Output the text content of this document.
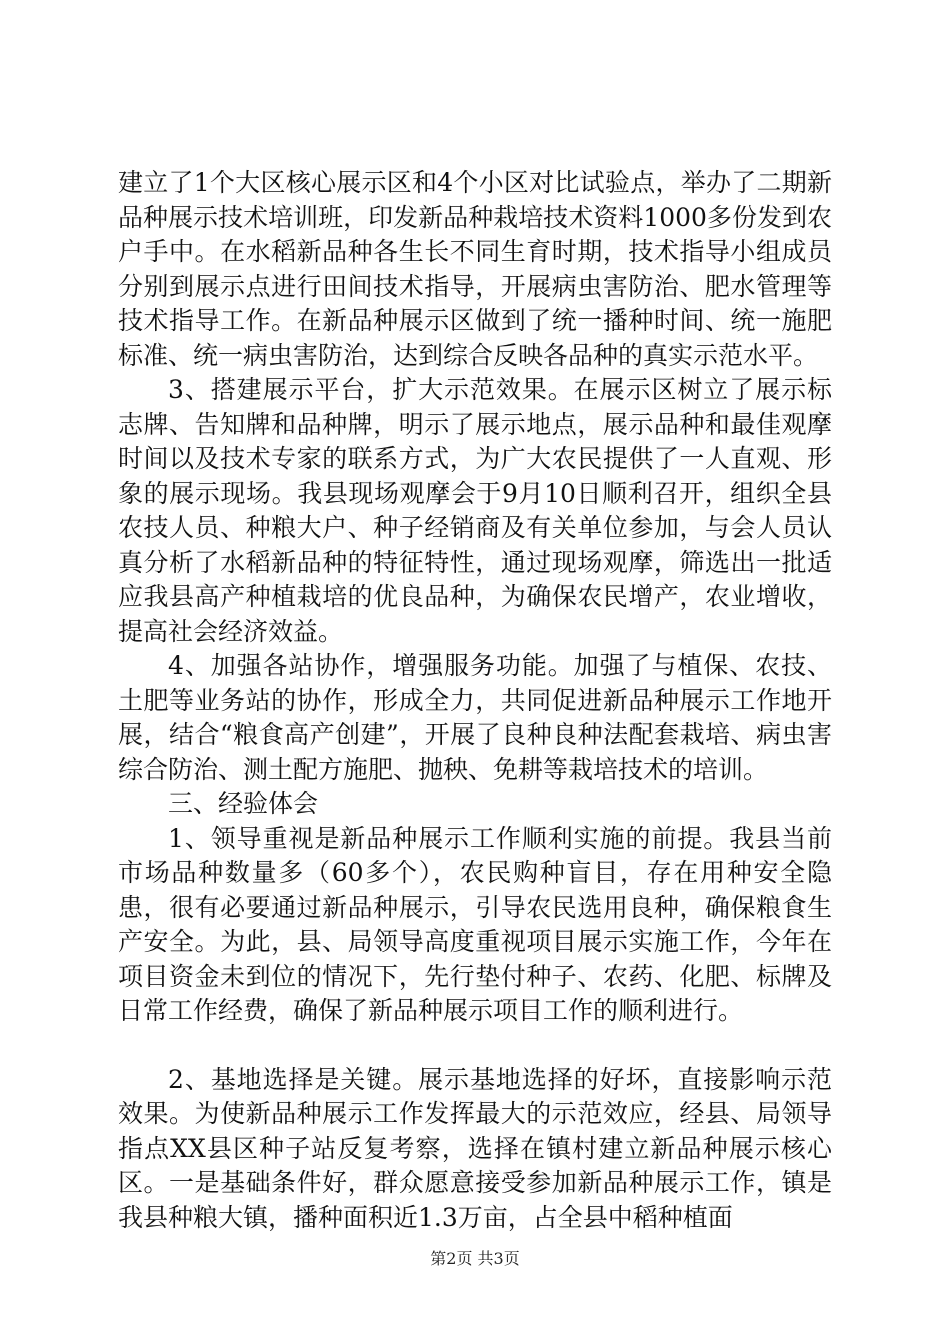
建立了1个大区核心展示区和4个小区对比试验点，举办了二期新品种展示技术培训班，印发新品种栽培技术资料1000多份发到农户手中。在水稻新品种各生长不同生育时期，技术指导小组成员分别到展示点进行田间技术指导，开展病虫害防治、肥水管理等技术指导工作。在新品种展示区做到了统一播种时间、统一施肥标准、统一病虫害防治，达到综合反映各品种的真实示范水平。

3、搭建展示平台，扩大示范效果。在展示区树立了展示标志牌、告知牌和品种牌，明示了展示地点，展示品种和最佳观摩时间以及技术专家的联系方式，为广大农民提供了一人直观、形象的展示现场。我县现场观摩会于9月10日顺利召开，组织全县农技人员、种粮大户、种子经销商及有关单位参加，与会人员认真分析了水稻新品种的特征特性，通过现场观摩，筛选出一批适应我县高产种植栽培的优良品种，为确保农民增产，农业增收，提高社会经济效益。

4、加强各站协作，增强服务功能。加强了与植保、农技、土肥等业务站的协作，形成全力，共同促进新品种展示工作地开展，结合“粮食高产创建”，开展了良种良种法配套栽培、病虫害综合防治、测土配方施肥、抛秧、免耕等栽培技术的培训。

三、经验体会

1、领导重视是新品种展示工作顺利实施的前提。我县当前市场品种数量多（60多个），农民购种盲目，存在用种安全隐患，很有必要通过新品种展示，引导农民选用良种，确保粮食生产安全。为此，县、局领导高度重视项目展示实施工作，今年在项目资金未到位的情况下，先行垫付种子、农药、化肥、标牌及日常工作经费，确保了新品种展示项目工作的顺利进行。

2、基地选择是关键。展示基地选择的好坏，直接影响示范效果。为使新品种展示工作发挥最大的示范效应，经县、局领导指点XX县区种子站反复考察，选择在镇村建立新品种展示核心区。一是基础条件好，群众愿意接受参加新品种展示工作，镇是我县种粮大镇，播种面积近1.3万亩，占全县中稻种植面

第2页 共3页
